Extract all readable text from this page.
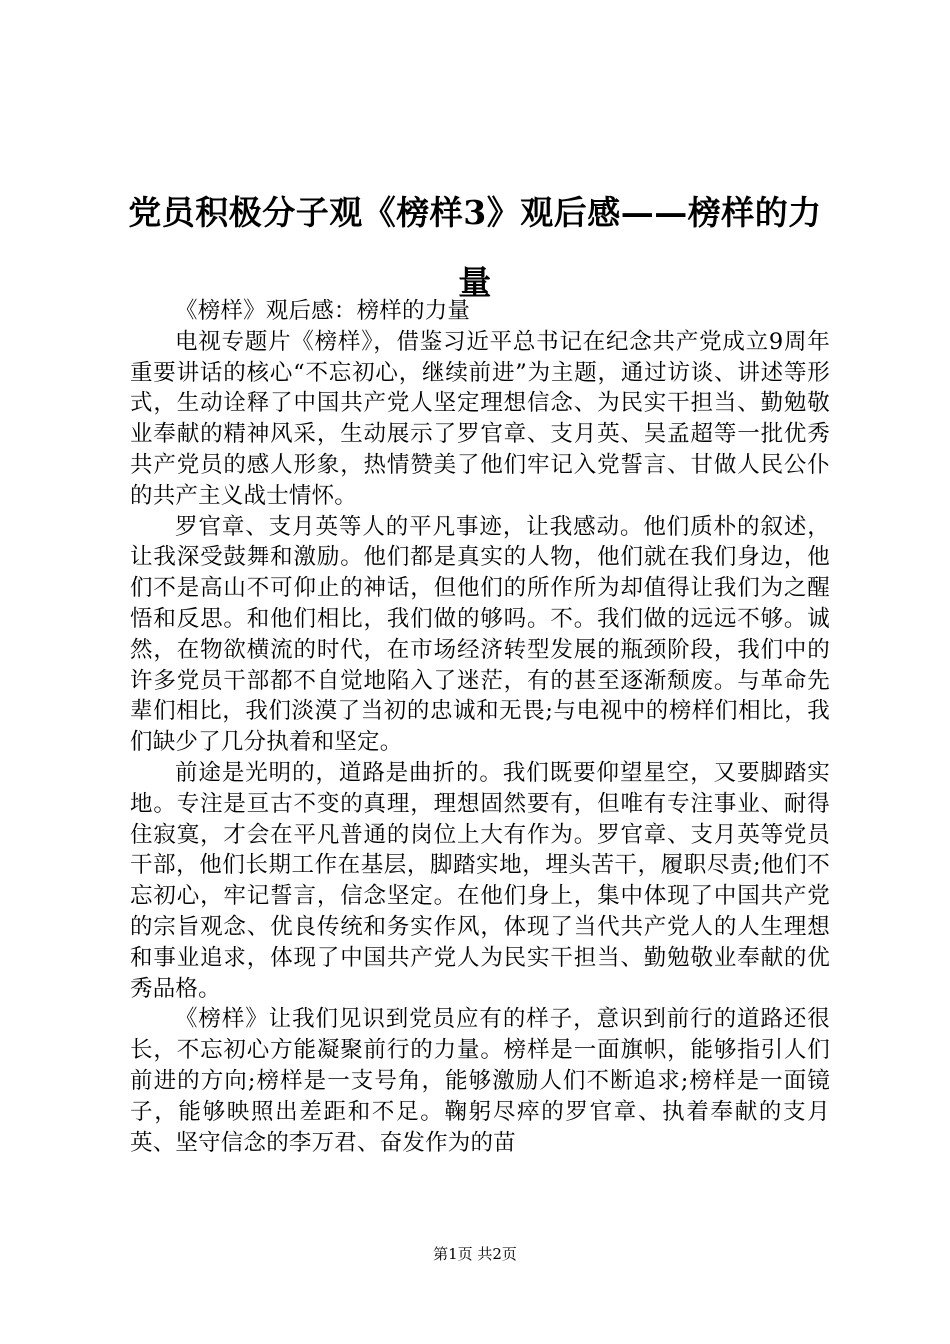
党员积极分子观《榜样3》观后感——榜样的力量

《榜样》观后感：榜样的力量

电视专题片《榜样》，借鉴习近平总书记在纪念共产党成立9周年重要讲话的核心“不忘初心，继续前进”为主题，通过访谈、讲述等形式，生动诠释了中国共产党人坚定理想信念、为民实干担当、勤勉敬业奉献的精神风采，生动展示了罗官章、支月英、吴孟超等一批优秀共产党员的感人形象，热情赞美了他们牢记入党誓言、甘做人民公仆的共产主义战士情怀。

罗官章、支月英等人的平凡事迹，让我感动。他们质朴的叙述，让我深受鼓舞和激励。他们都是真实的人物，他们就在我们身边，他们不是高山不可仰止的神话，但他们的所作所为却值得让我们为之醒悟和反思。和他们相比，我们做的够吗。不。我们做的远远不够。诚然，在物欲横流的时代，在市场经济转型发展的瓶颈阶段，我们中的许多党员干部都不自觉地陷入了迷茫，有的甚至逐渐颓废。与革命先辈们相比，我们淡漠了当初的忠诚和无畏;与电视中的榜样们相比，我们缺少了几分执着和坚定。

前途是光明的，道路是曲折的。我们既要仰望星空，又要脚踏实地。专注是亘古不变的真理，理想固然要有，但唯有专注事业、耐得住寂寞，才会在平凡普通的岗位上大有作为。罗官章、支月英等党员干部，他们长期工作在基层，脚踏实地，埋头苦干，履职尽责;他们不忘初心，牢记誓言，信念坚定。在他们身上，集中体现了中国共产党的宗旨观念、优良传统和务实作风，体现了当代共产党人的人生理想和事业追求，体现了中国共产党人为民实干担当、勤勉敬业奉献的优秀品格。

《榜样》让我们见识到党员应有的样子，意识到前行的道路还很长，不忘初心方能凝聚前行的力量。榜样是一面旗帜，能够指引人们前进的方向;榜样是一支号角，能够激励人们不断追求;榜样是一面镜子，能够映照出差距和不足。鞠躬尽瘁的罗官章、执着奉献的支月英、坚守信念的李万君、奋发作为的苗

第1页 共2页
